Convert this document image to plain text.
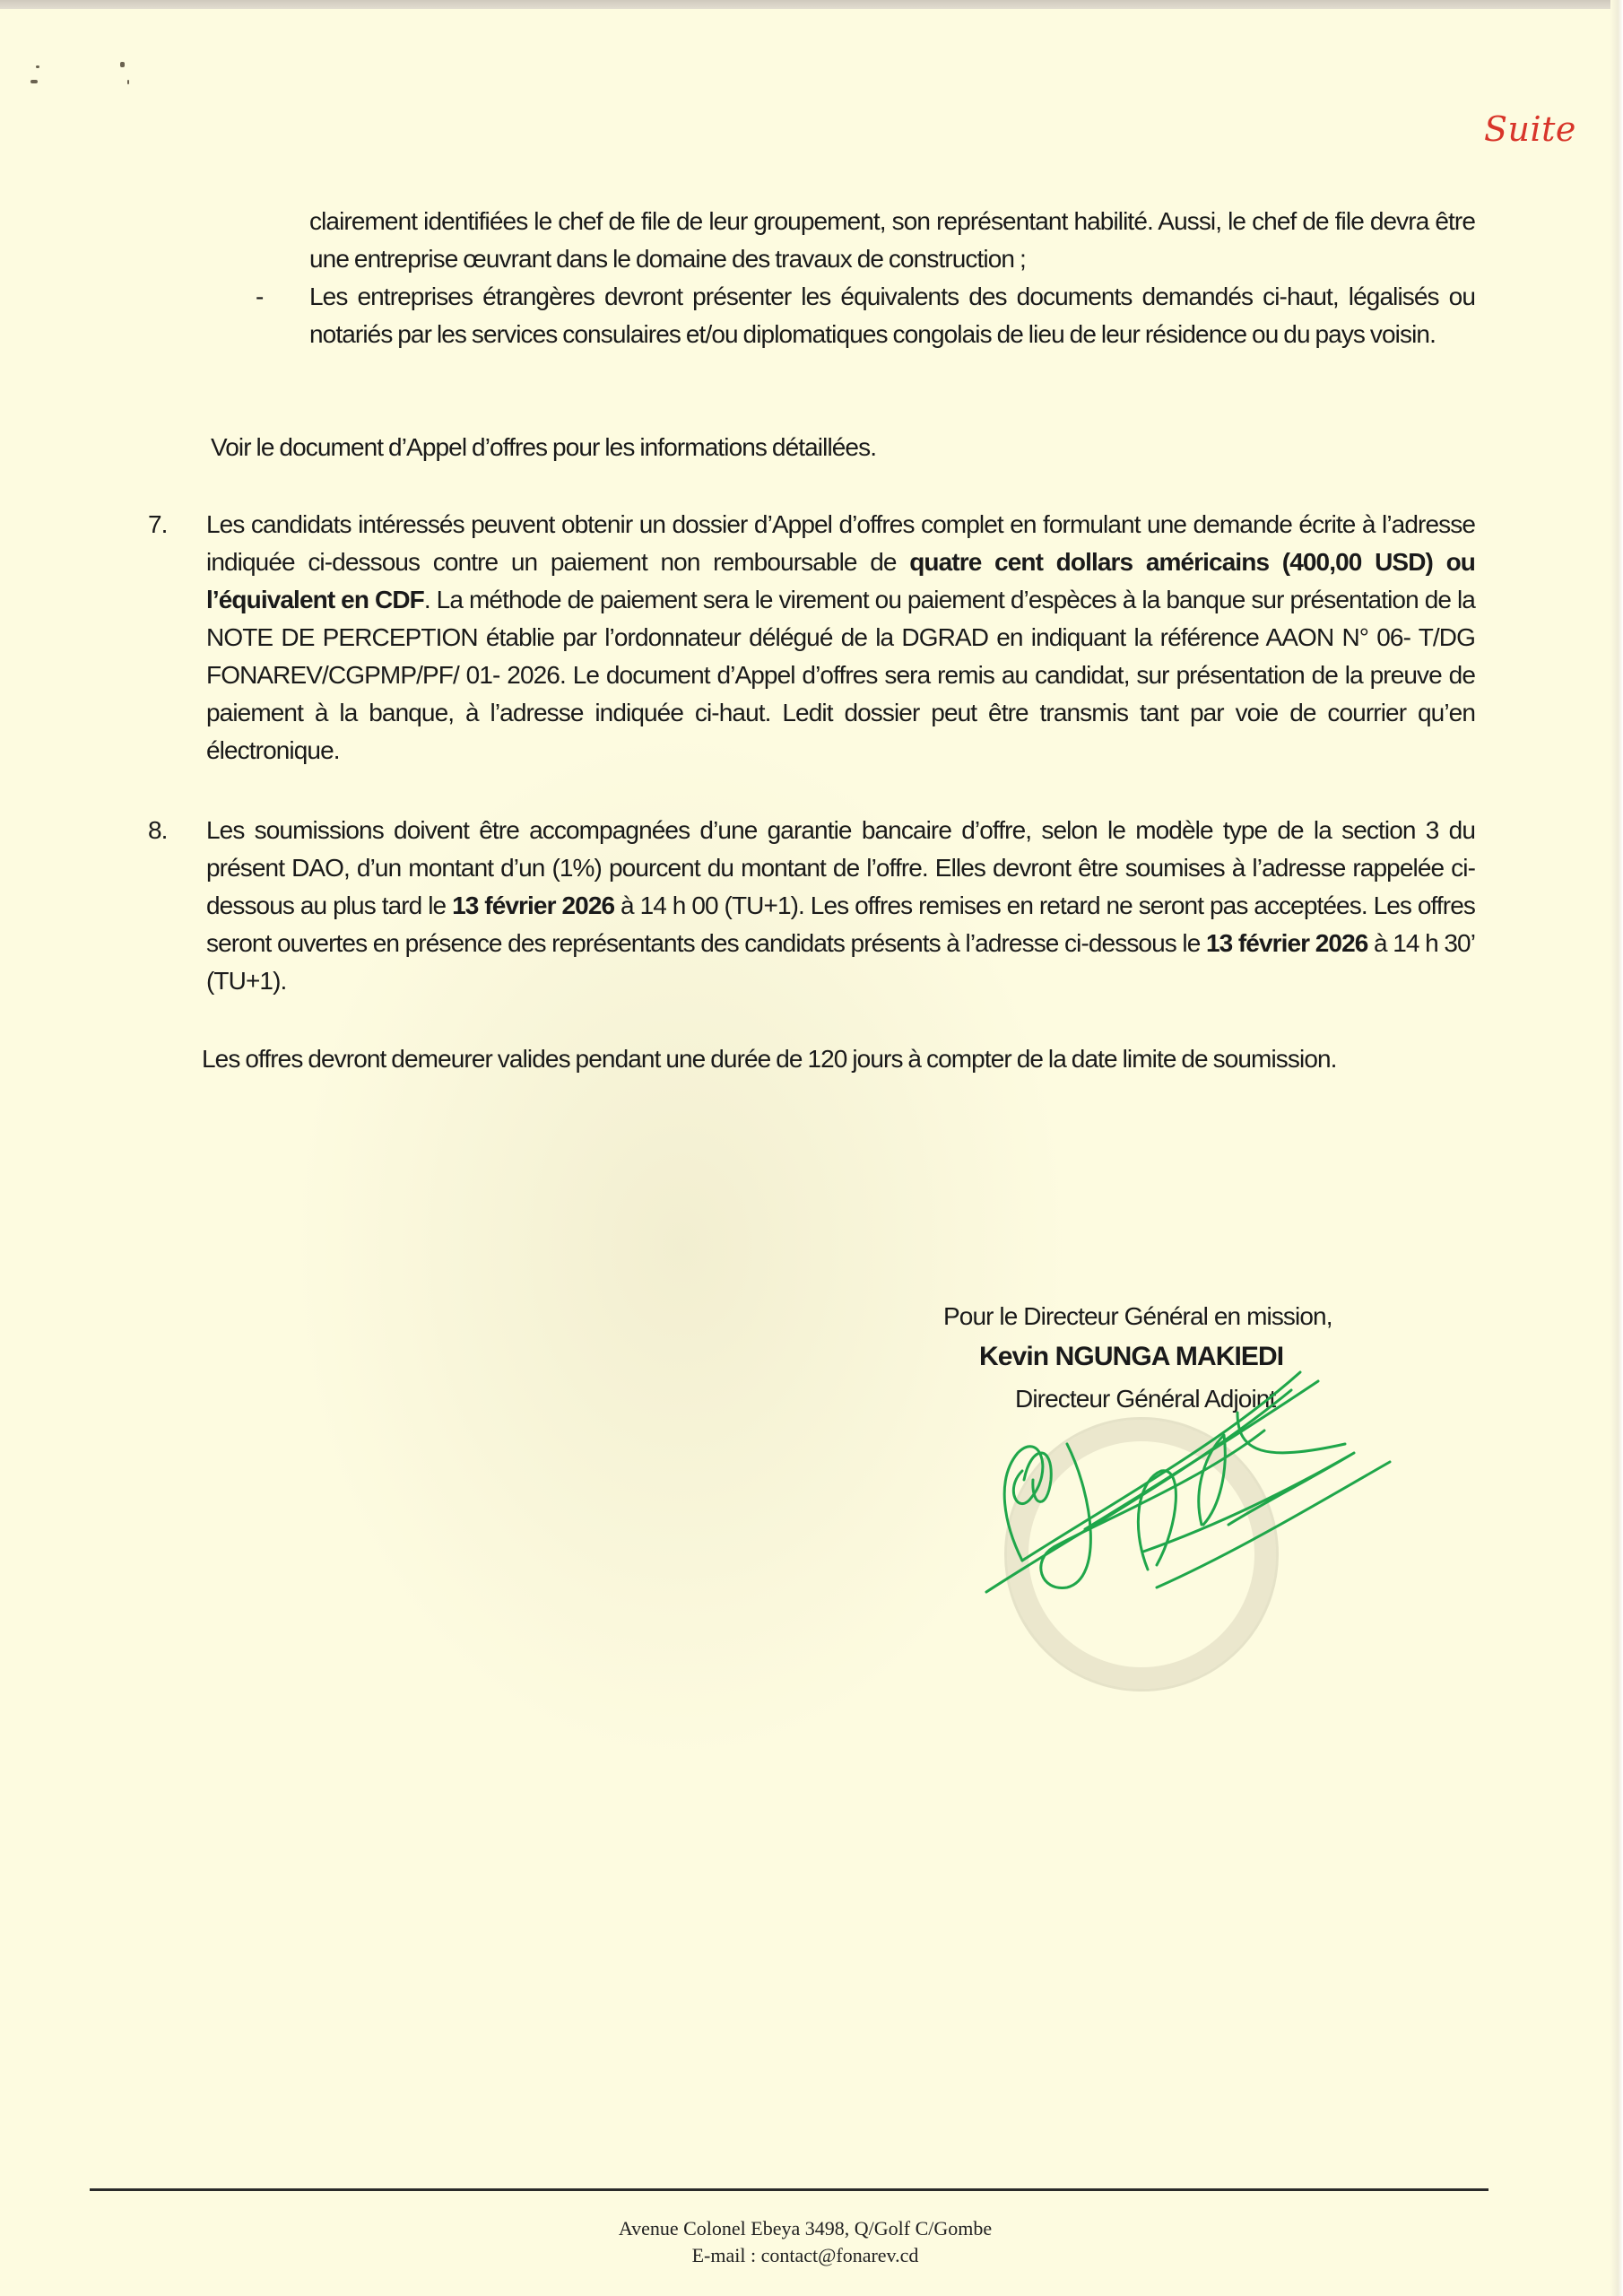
Suite
clairement identifiées le chef de file de leur groupement, son représentant habilité. Aussi, le chef de file devra être une entreprise œuvrant dans le domaine des travaux de construction ;
-	Les entreprises étrangères devront présenter les équivalents des documents demandés ci-haut, légalisés ou notariés par les services consulaires et/ou diplomatiques congolais de lieu de leur résidence ou du pays voisin.
Voir le document d’Appel d’offres pour les informations détaillées.
7.	Les candidats intéressés peuvent obtenir un dossier d’Appel d’offres complet en formulant une demande écrite à l’adresse indiquée ci-dessous contre un paiement non remboursable de quatre cent dollars américains (400,00 USD) ou l’équivalent en CDF. La méthode de paiement sera le virement ou paiement d’espèces à la banque sur présentation de la NOTE DE PERCEPTION établie par l’ordonnateur délégué de la DGRAD en indiquant la référence AAON N° 06- T/DG FONAREV/CGPMP/PF/ 01- 2026. Le document d’Appel d’offres sera remis au candidat, sur présentation de la preuve de paiement à la banque, à l’adresse indiquée ci-haut. Ledit dossier peut être transmis tant par voie de courrier qu’en électronique.
8.	Les soumissions doivent être accompagnées d’une garantie bancaire d’offre, selon le modèle type de la section 3 du présent DAO, d’un montant d’un (1%) pourcent du montant de l’offre. Elles devront être soumises à l’adresse rappelée ci-dessous au plus tard le 13 février 2026 à 14 h 00 (TU+1). Les offres remises en retard ne seront pas acceptées. Les offres seront ouvertes en présence des représentants des candidats présents à l’adresse ci-dessous le 13 février 2026 à 14 h 30’ (TU+1).
Les offres devront demeurer valides pendant une durée de 120 jours à compter de la date limite de soumission.
Pour le Directeur Général en mission,
Kevin NGUNGA MAKIEDI
Directeur Général Adjoint
Avenue Colonel Ebeya 3498, Q/Golf C/Gombe
E-mail : contact@fonarev.cd
